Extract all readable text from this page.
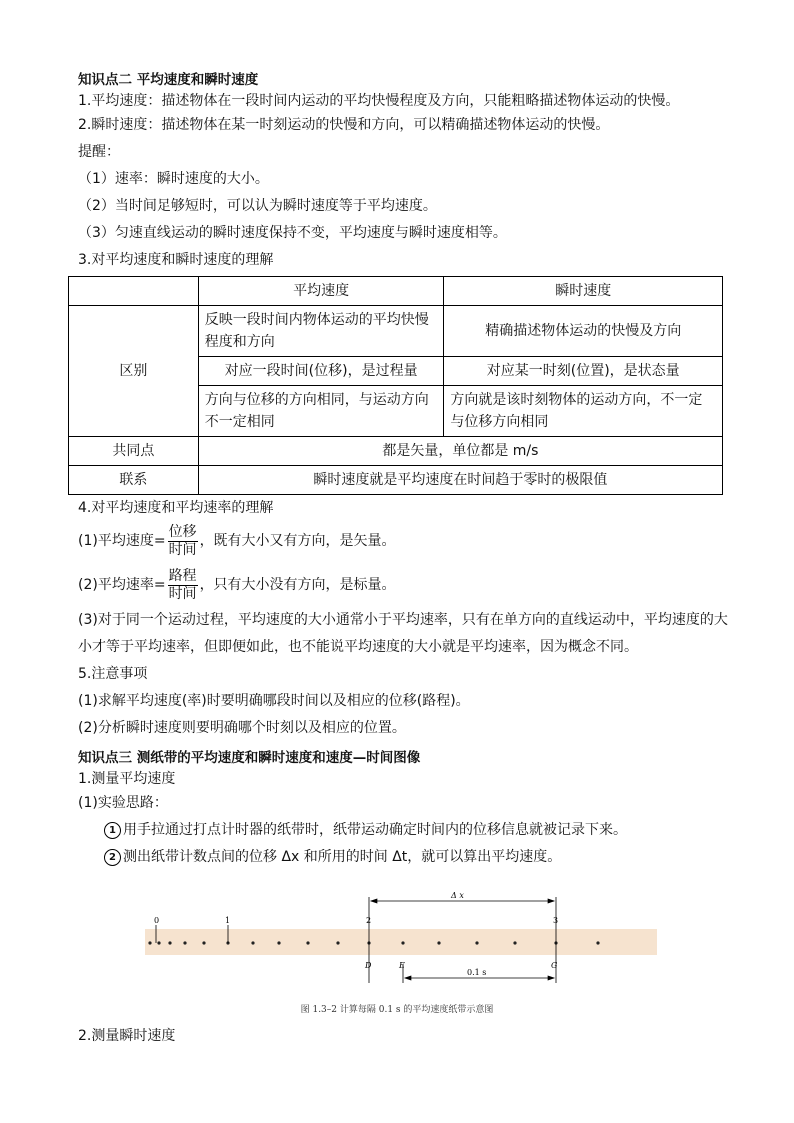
知识点二 平均速度和瞬时速度

1.平均速度：描述物体在一段时间内运动的平均快慢程度及方向，只能粗略描述物体运动的快慢。

2.瞬时速度：描述物体在某一时刻运动的快慢和方向，可以精确描述物体运动的快慢。

提醒：

（1）速率：瞬时速度的大小。

（2）当时间足够短时，可以认为瞬时速度等于平均速度。

（3）匀速直线运动的瞬时速度保持不变，平均速度与瞬时速度相等。

3.对平均速度和瞬时速度的理解

	平均速度	瞬时速度
区别	反映一段时间内物体运动的平均快慢程度和方向	精确描述物体运动的快慢及方向
	对应一段时间(位移)，是过程量	对应某一时刻(位置)，是状态量
	方向与位移的方向相同，与运动方向不一定相同	方向就是该时刻物体的运动方向，不一定与位移方向相同
共同点	都是矢量，单位都是 m/s	
联系	瞬时速度就是平均速度在时间趋于零时的极限值	

4.对平均速度和平均速率的理解

(1)平均速度= $\frac{\text{位移}}{\text{时间}}$ ，既有大小又有方向，是矢量。

(2)平均速率= $\frac{\text{路程}}{\text{时间}}$ ，只有大小没有方向，是标量。

(3)对于同一个运动过程，平均速度的大小通常小于平均速率，只有在单方向的直线运动中，平均速度的大小才等于平均速率，但即便如此，也不能说平均速度的大小就是平均速率，因为概念不同。

5.注意事项

(1)求解平均速度(率)时要明确哪段时间以及相应的位移(路程)。

(2)分析瞬时速度则要明确哪个时刻以及相应的位置。

知识点三 测纸带的平均速度和瞬时速度和速度—时间图像

1.测量平均速度

(1)实验思路：

1 用手拉通过打点计时器的纸带时，纸带运动确定时间内的位移信息就被记录下来。

2 测出纸带计数点间的位移 Δx 和所用的时间 Δt，就可以算出平均速度。

0	1	2	3
Δ x
D	E	G
0.1 s
图 1.3–2 计算每隔 0.1 s 的平均速度纸带示意图

2.测量瞬时速度
